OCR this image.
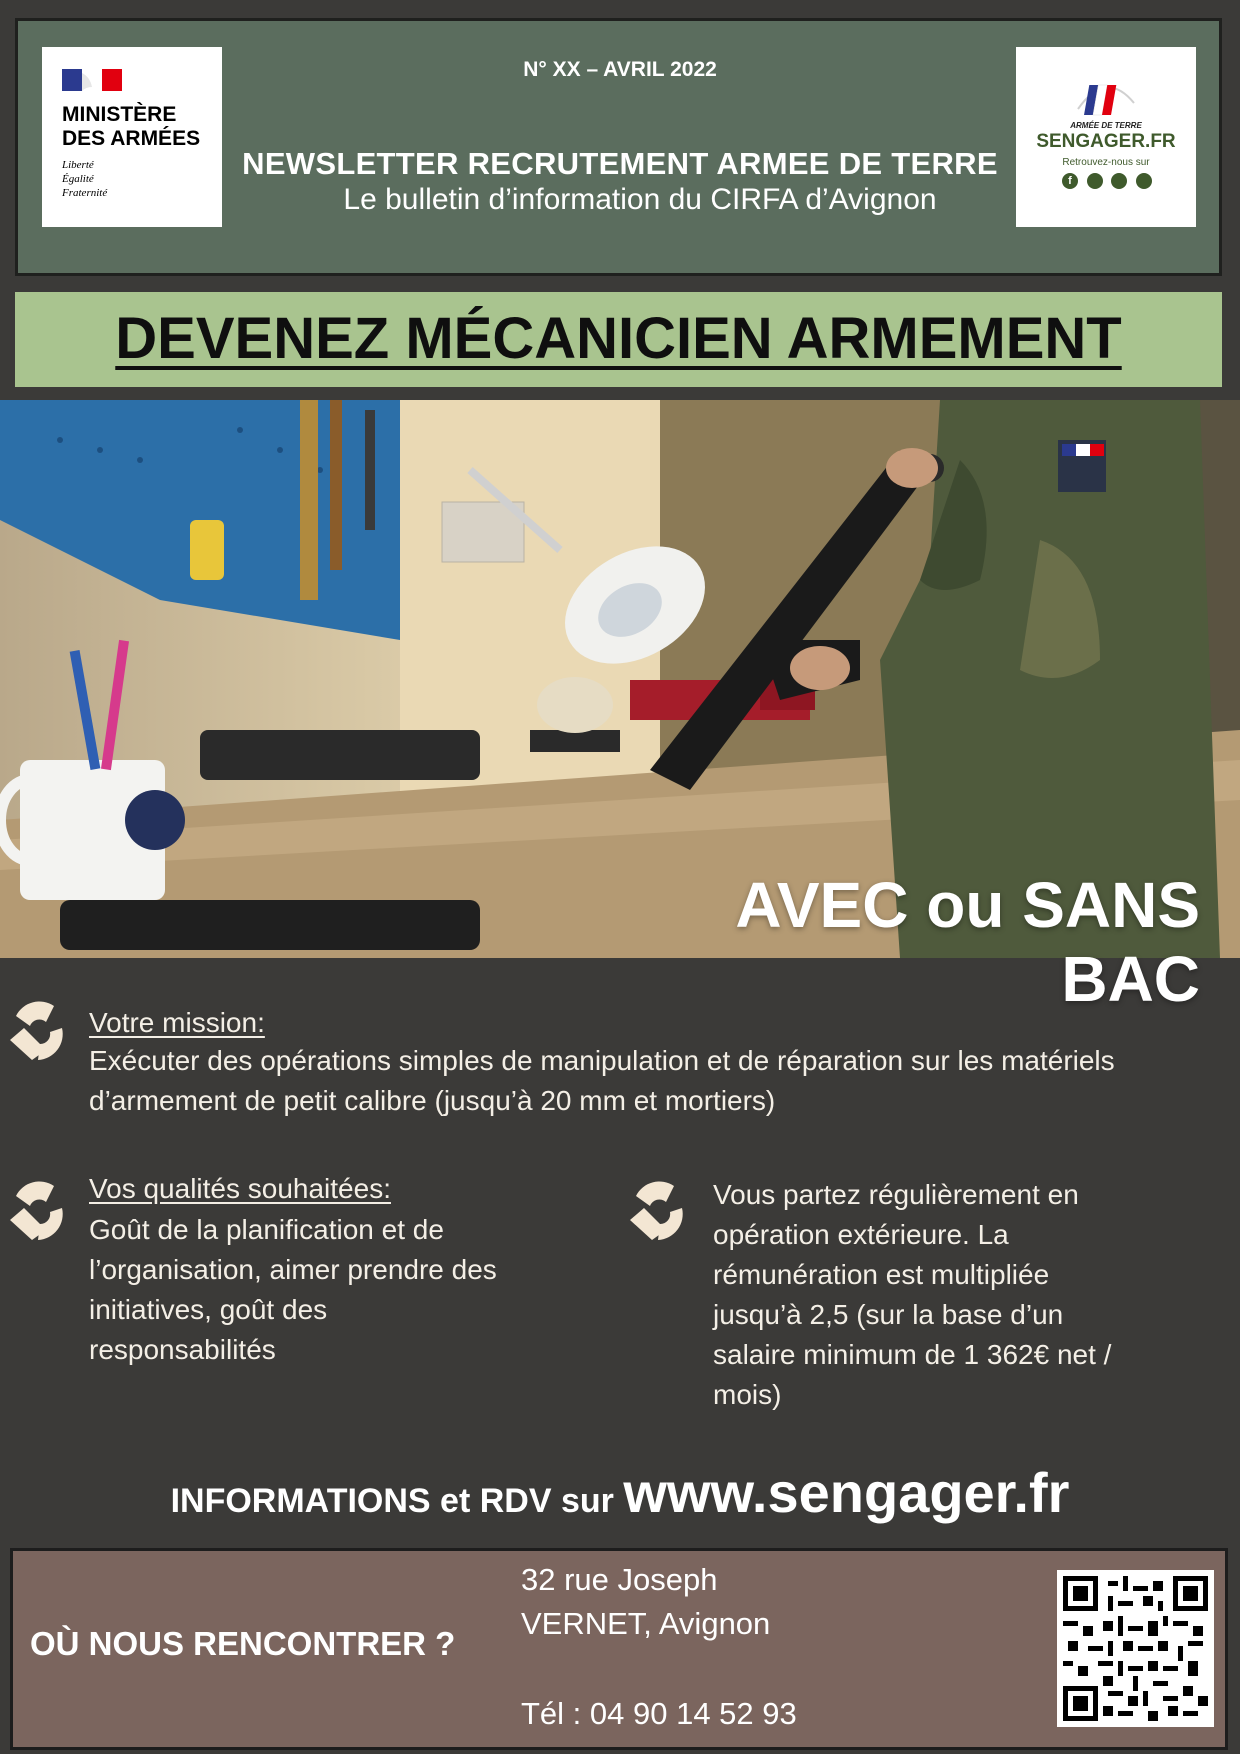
MINISTÈRE
DES ARMÉES
Liberté
Égalité
Fraternité
N° XX – AVRIL 2022
NEWSLETTER RECRUTEMENT ARMEE DE TERRE
Le bulletin d’information du CIRFA d’Avignon
ARMÉE DE TERRE
SENGAGER.FR
Retrouvez-nous sur
f
DEVENEZ MÉCANICIEN ARMEMENT
AVEC ou SANS BAC
Votre mission:
Exécuter des opérations simples de manipulation et de réparation sur les matériels d’armement de petit calibre (jusqu’à 20 mm et mortiers)
Vos qualités souhaitées:
Goût de la planification et de l’organisation, aimer prendre des initiatives, goût des responsabilités
Vous partez régulièrement en opération extérieure. La rémunération est multipliée jusqu’à 2,5 (sur la base d’un salaire minimum de 1 362€ net / mois)
INFORMATIONS et RDV sur www.sengager.fr
OÙ NOUS RENCONTRER ?
32 rue Joseph
VERNET, Avignon
Tél : 04 90 14 52 93
